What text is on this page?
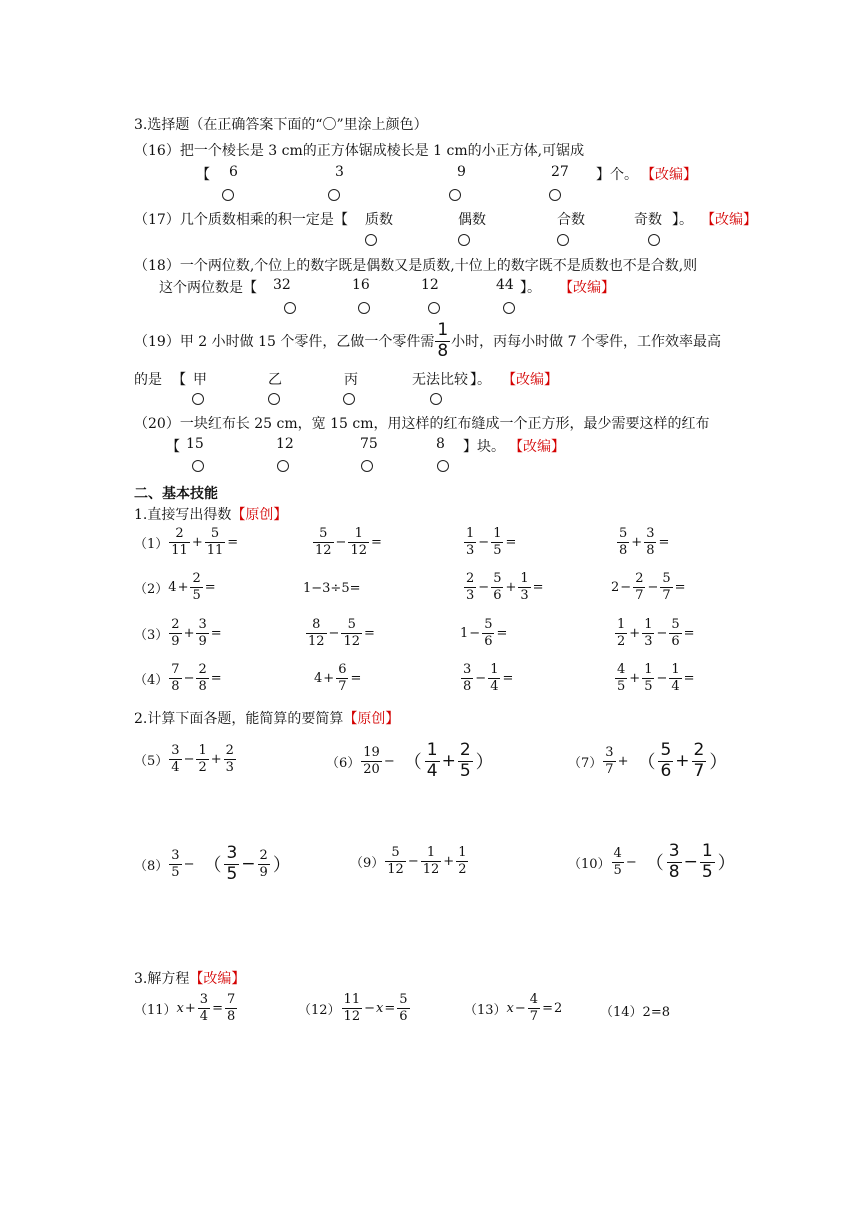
3.选择题（在正确答案下面的“〇”里涂上颜色）
（16）把一个棱长是 3 cm的正方体锯成棱长是 1 cm的小正方体,可锯成
【 6	3	9	27 】个。 【改编】
（17）几个质数相乘的积一定是【 质数	偶数	合数	奇数 】。 【改编】
（18）一个两位数,个位上的数字既是偶数又是质数,十位上的数字既不是质数也不是合数,则
这个两位数是【 32	16	12	44 】。 【改编】
（19）甲 2 小时做 15 个零件，乙做一个零件需 $\frac{1}{8}$ 小时，丙每小时做 7 个零件，工作效率最高
的是 【 甲	乙	丙	无法比较 】。 【改编】
（20）一块红布长 25 cm，宽 15 cm，用这样的红布缝成一个正方形，最少需要这样的红布
【 15	12	75	8 】块。 【改编】
二、基本技能
1.直接写出得数【原创】
$(1) \frac{2}{11} + \frac{5}{11}$ =	$\frac{5}{12} - \frac{1}{12}$ =	$\frac{1}{3} - \frac{1}{5}$ =	$\frac{5}{8} + \frac{3}{8}$ =
（2） $4 + \frac{2}{5}$ =	1−3÷5=	$\frac{2}{3} - \frac{5}{6} + \frac{1}{3}$ =	$2 - \frac{2}{7} - \frac{5}{7}$ =
$(3) \frac{2}{9} + \frac{3}{9}$ =	$\frac{8}{12} - \frac{5}{12}$ =	$1 - \frac{5}{6}$ =	$\frac{1}{2} + \frac{1}{3} - \frac{5}{6}$ =
$(4) \frac{7}{8} - \frac{2}{8}$ =	$4 + \frac{6}{7}$ =	$\frac{3}{8} - \frac{1}{4}$ =	$\frac{4}{5} + \frac{1}{5} - \frac{1}{4}$ =
2.计算下面各题，能简算的要简算【原创】
$(5) \frac{3}{4} - \frac{1}{2} + \frac{2}{3}$	$(6) \frac{19}{20}$ − （ $\frac{1}{4} + \frac{2}{5}$ ）	$(7) \frac{3}{7}$ + （ $\frac{5}{6} + \frac{2}{7}$ ）
$(8) \frac{3}{5}$ − （ $\frac{3}{5} - \frac{2}{9}$ ）	$(9) \frac{5}{12} - \frac{1}{12} + \frac{1}{2}$	$(10) \frac{4}{5}$ − （ $\frac{3}{8} - \frac{1}{5}$ ）
3.解方程【改编】
（11） $x + \frac{3}{4} = \frac{7}{8}$	$(12) \frac{11}{12} - x = \frac{5}{6}$	（13） $x - \frac{4}{7} = 2$	（14）2=8
